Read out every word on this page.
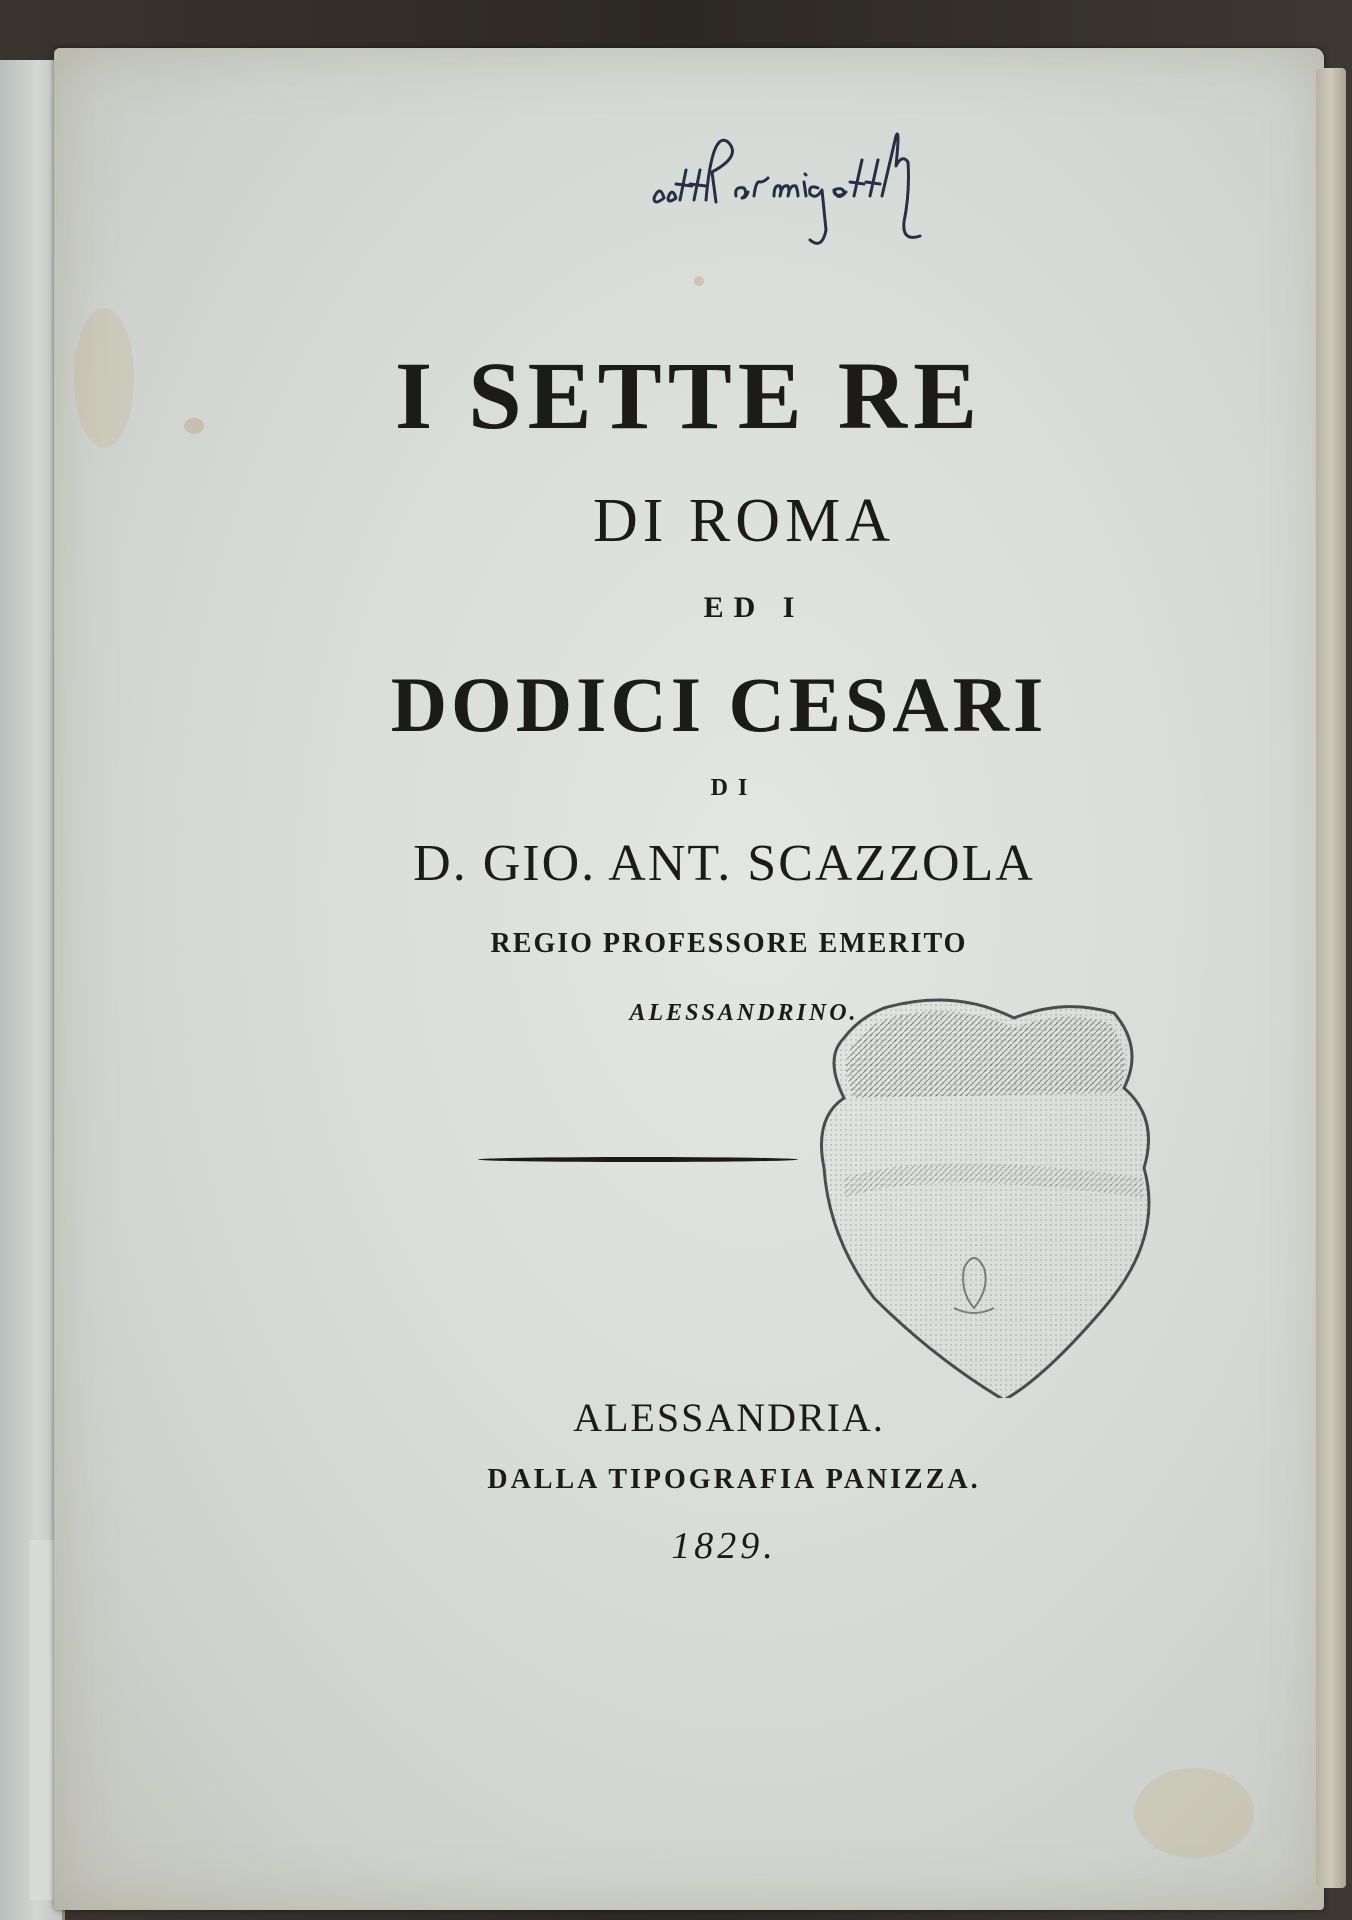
I SETTE RE
DI ROMA
ED I
DODICI CESARI
DI
D. GIO. ANT. SCAZZOLA
REGIO PROFESSORE EMERITO
ALESSANDRINO.
ALESSANDRIA.
DALLA TIPOGRAFIA PANIZZA.
1829.
